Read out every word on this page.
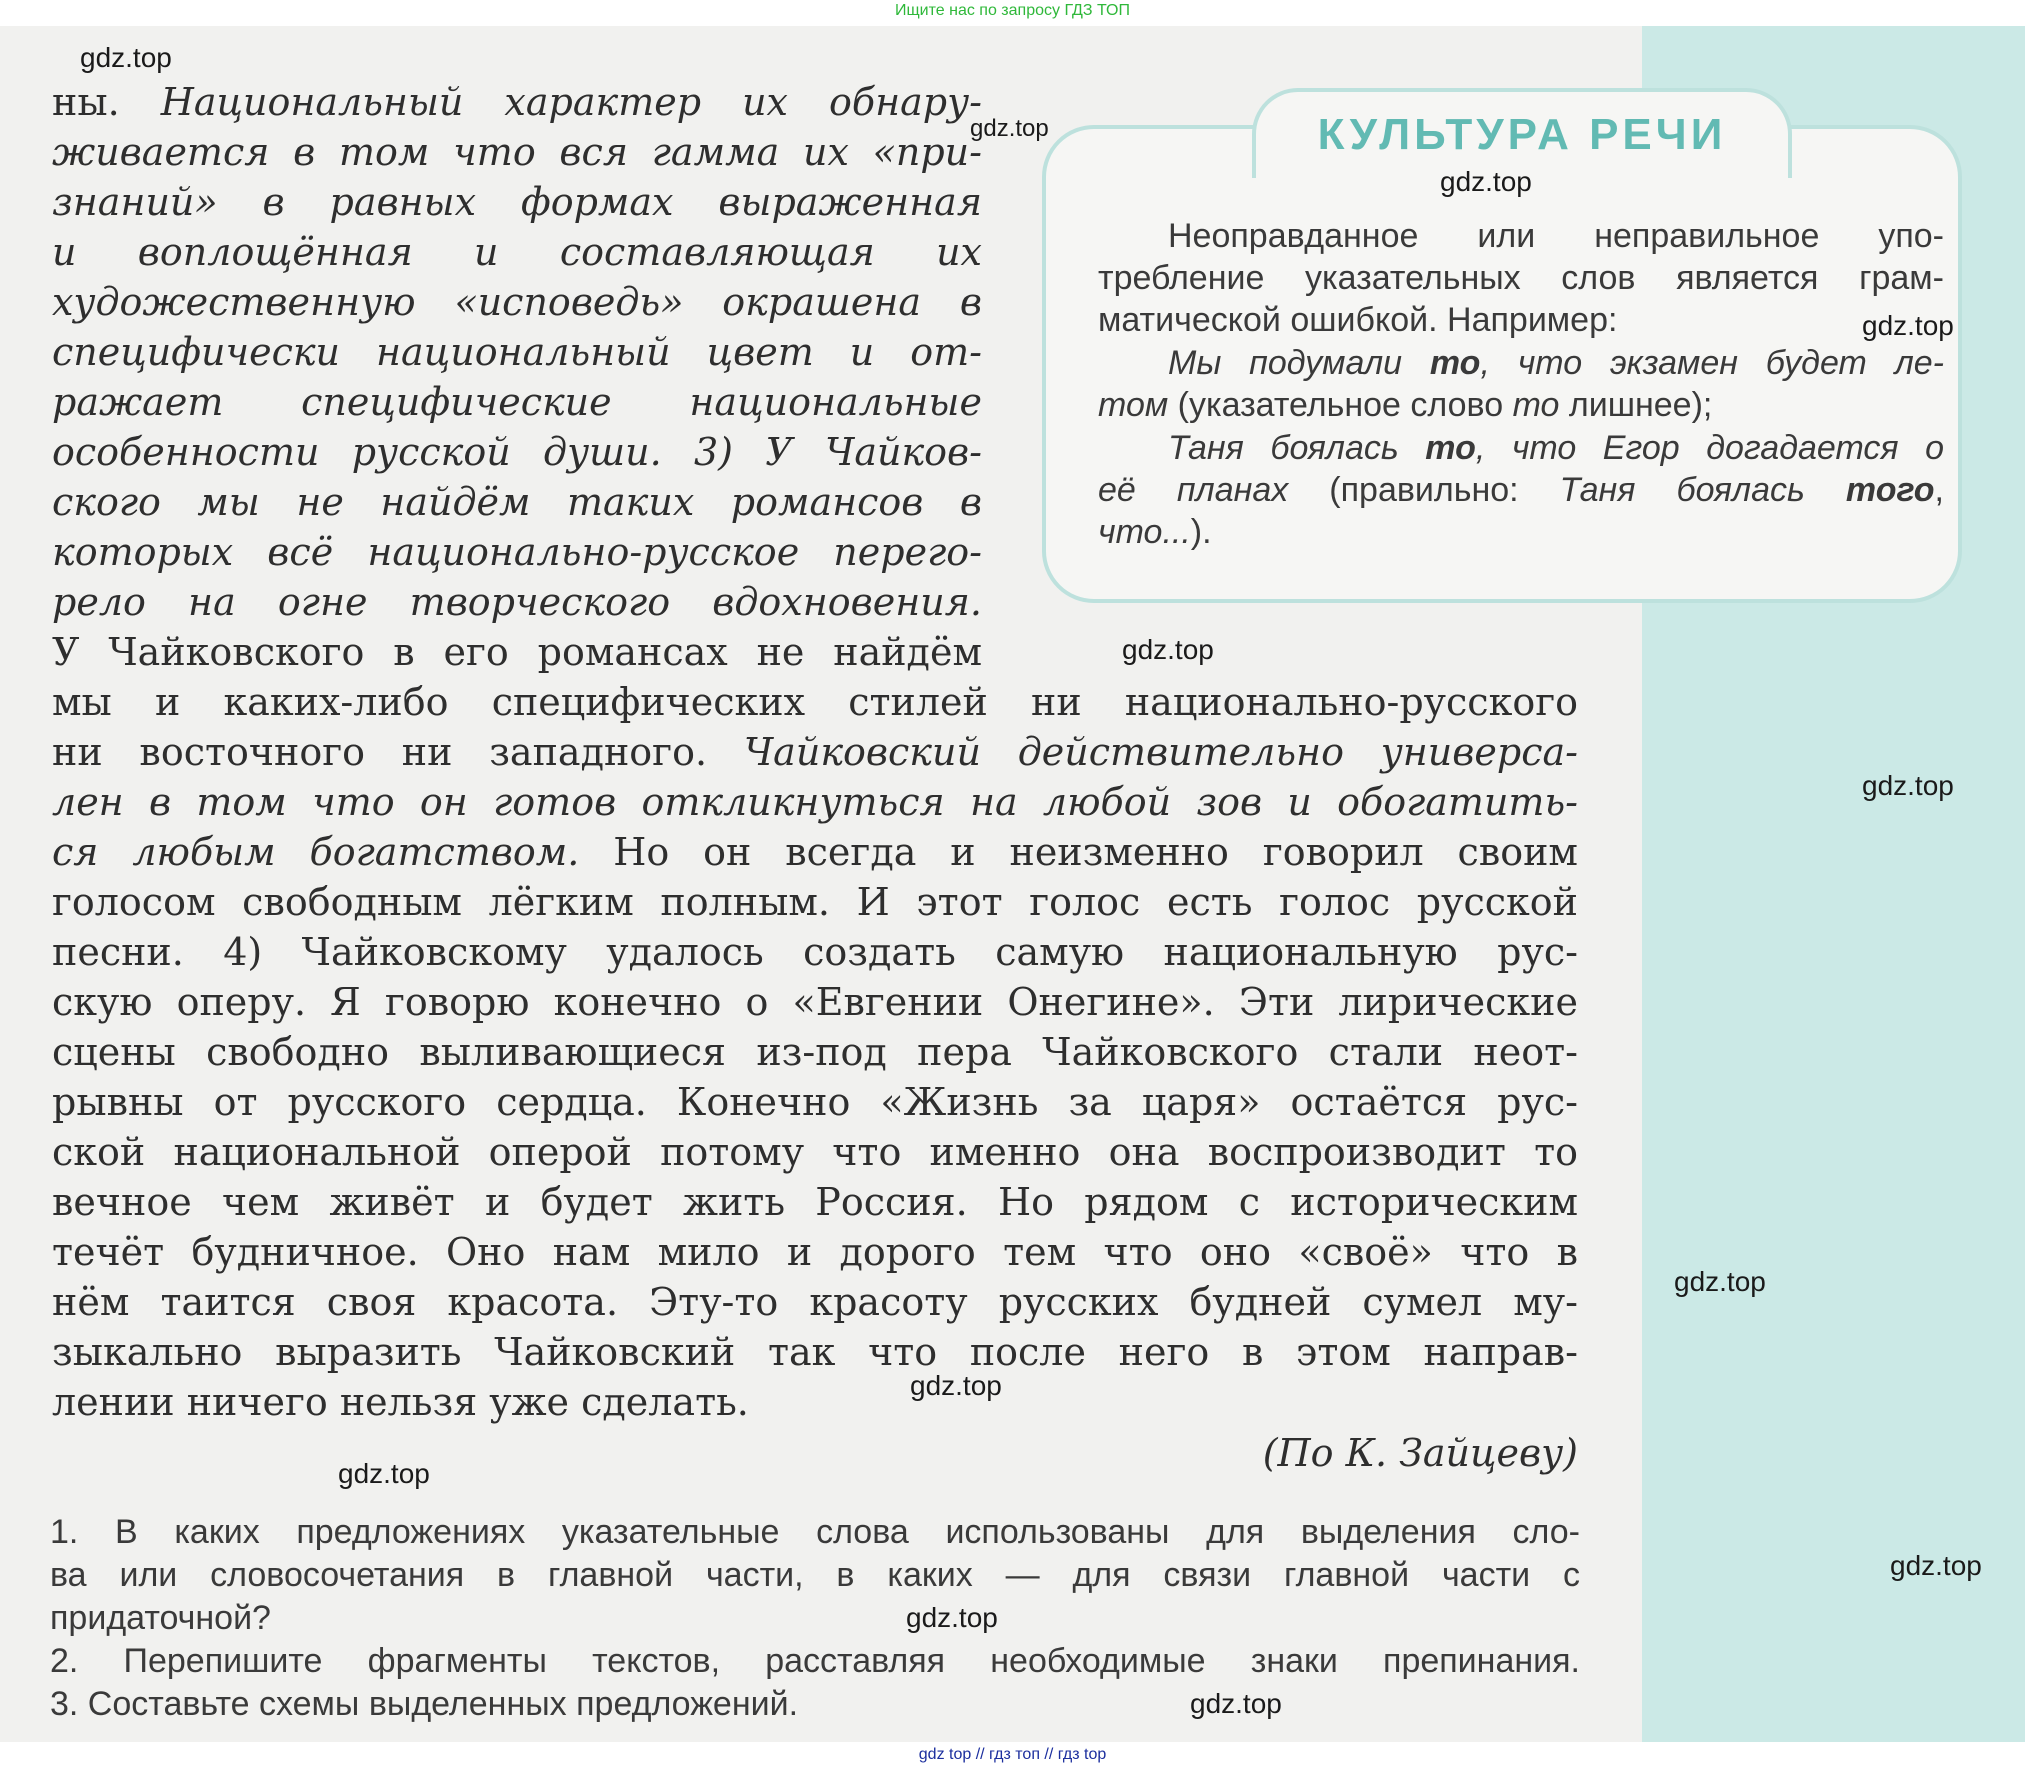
Ищите нас по запросу ГДЗ ТОП
КУЛЬТУРА РЕЧИ
Неоправданное или неправильное упо-
требление указательных слов является грам-
матической ошибкой. Например:
Мы подумали то, что экзамен будет ле-
том (указательное слово то лишнее);
Таня боялась то, что Егор догадается о
её планах (правильно: Таня боялась того,
что...).
ны. Национальный характер их обнару-
живается в том что вся гамма их «при-
знаний» в равных формах выраженная
и воплощённая и составляющая их
художественную «исповедь» окрашена в
специфически национальный цвет и от-
ражает специфические национальные
особенности русской души. 3) У Чайков-
ского мы не найдём таких романсов в
которых всё национально-русское перего-
рело на огне творческого вдохновения.
У Чайковского в его романсах не найдём
мы и каких-либо специфических стилей ни национально-русского
ни восточного ни западного. Чайковский действительно универса-
лен в том что он готов откликнуться на любой зов и обогатить-
ся любым богатством. Но он всегда и неизменно говорил своим
голосом свободным лёгким полным. И этот голос есть голос русской
песни. 4) Чайковскому удалось создать самую национальную рус-
скую оперу. Я говорю конечно о «Евгении Онегине». Эти лирические
сцены свободно выливающиеся из-под пера Чайковского стали неот-
рывны от русского сердца. Конечно «Жизнь за царя» остаётся рус-
ской национальной оперой потому что именно она воспроизводит то
вечное чем живёт и будет жить Россия. Но рядом с историческим
течёт будничное. Оно нам мило и дорого тем что оно «своё» что в
нём таится своя красота. Эту-то красоту русских будней сумел му-
зыкально выразить Чайковский так что после него в этом направ-
лении ничего нельзя уже сделать.
(По К. Зайцеву)
1. В каких предложениях указательные слова использованы для выделения сло-
ва или словосочетания в главной части, в каких — для связи главной части с
придаточной?
2. Перепишите фрагменты текстов, расставляя необходимые знаки препинания.
3. Составьте схемы выделенных предложений.
gdz.top
gdz.top
gdz.top
gdz.top
gdz.top
gdz.top
gdz.top
gdz.top
gdz.top
gdz.top
gdz.top
gdz.top
gdz top // гдз топ // гдз top
